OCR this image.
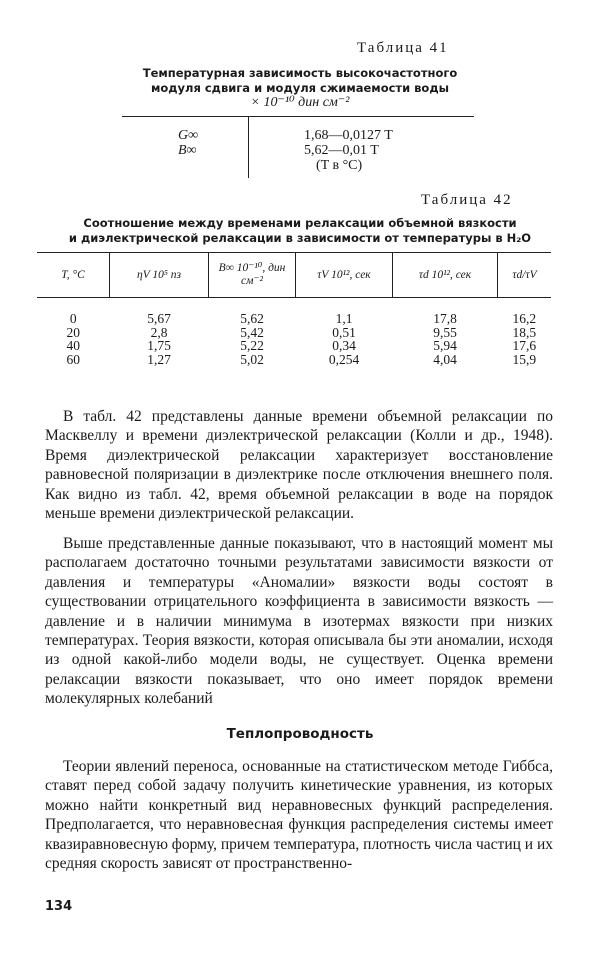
Таблица 41
Температурная зависимость высокочастотного
модуля сдвига и модуля сжимаемости воды
× 10⁻¹⁰ дин см⁻²
G∞	1,68—0,0127 T
B∞	5,62—0,01 T
(T в °C)
Таблица 42
Соотношение между временами релаксации объемной вязкости
и диэлектрической релаксации в зависимости от температуры в H₂O
T, °C	ηV 10⁵ пз	B∞ 10⁻¹⁰, дин см⁻²	τV 10¹², сек	τd 10¹², сек	τd/τV
0	5,67	5,62	1,1	17,8	16,2
20	2,8	5,42	0,51	9,55	18,5
40	1,75	5,22	0,34	5,94	17,6
60	1,27	5,02	0,254	4,04	15,9

В табл. 42 представлены данные времени объемной релаксации по Масквеллу и времени диэлектрической релаксации (Колли и др., 1948). Время диэлектрической релаксации характеризует восстановление равновесной поляризации в диэлектрике после отключения внешнего поля. Как видно из табл. 42, время объемной релаксации в воде на порядок меньше времени диэлектрической релаксации.

Выше представленные данные показывают, что в настоящий момент мы располагаем достаточно точными результатами зависимости вязкости от давления и температуры «Аномалии» вязкости воды состоят в существовании отрицательного коэффициента в зависимости вязкость — давление и в наличии минимума в изотермах вязкости при низких температурах. Теория вязкости, которая описывала бы эти аномалии, исходя из одной какой-либо модели воды, не существует. Оценка времени релаксации вязкости показывает, что оно имеет порядок времени молекулярных колебаний

Теплопроводность

Теории явлений переноса, основанные на статистическом методе Гиббса, ставят перед собой задачу получить кинетические уравнения, из которых можно найти конкретный вид неравновесных функций распределения. Предполагается, что неравновесная функция распределения системы имеет квазиравновесную форму, причем температура, плотность числа частиц и их средняя скорость зависят от пространственно-

134
